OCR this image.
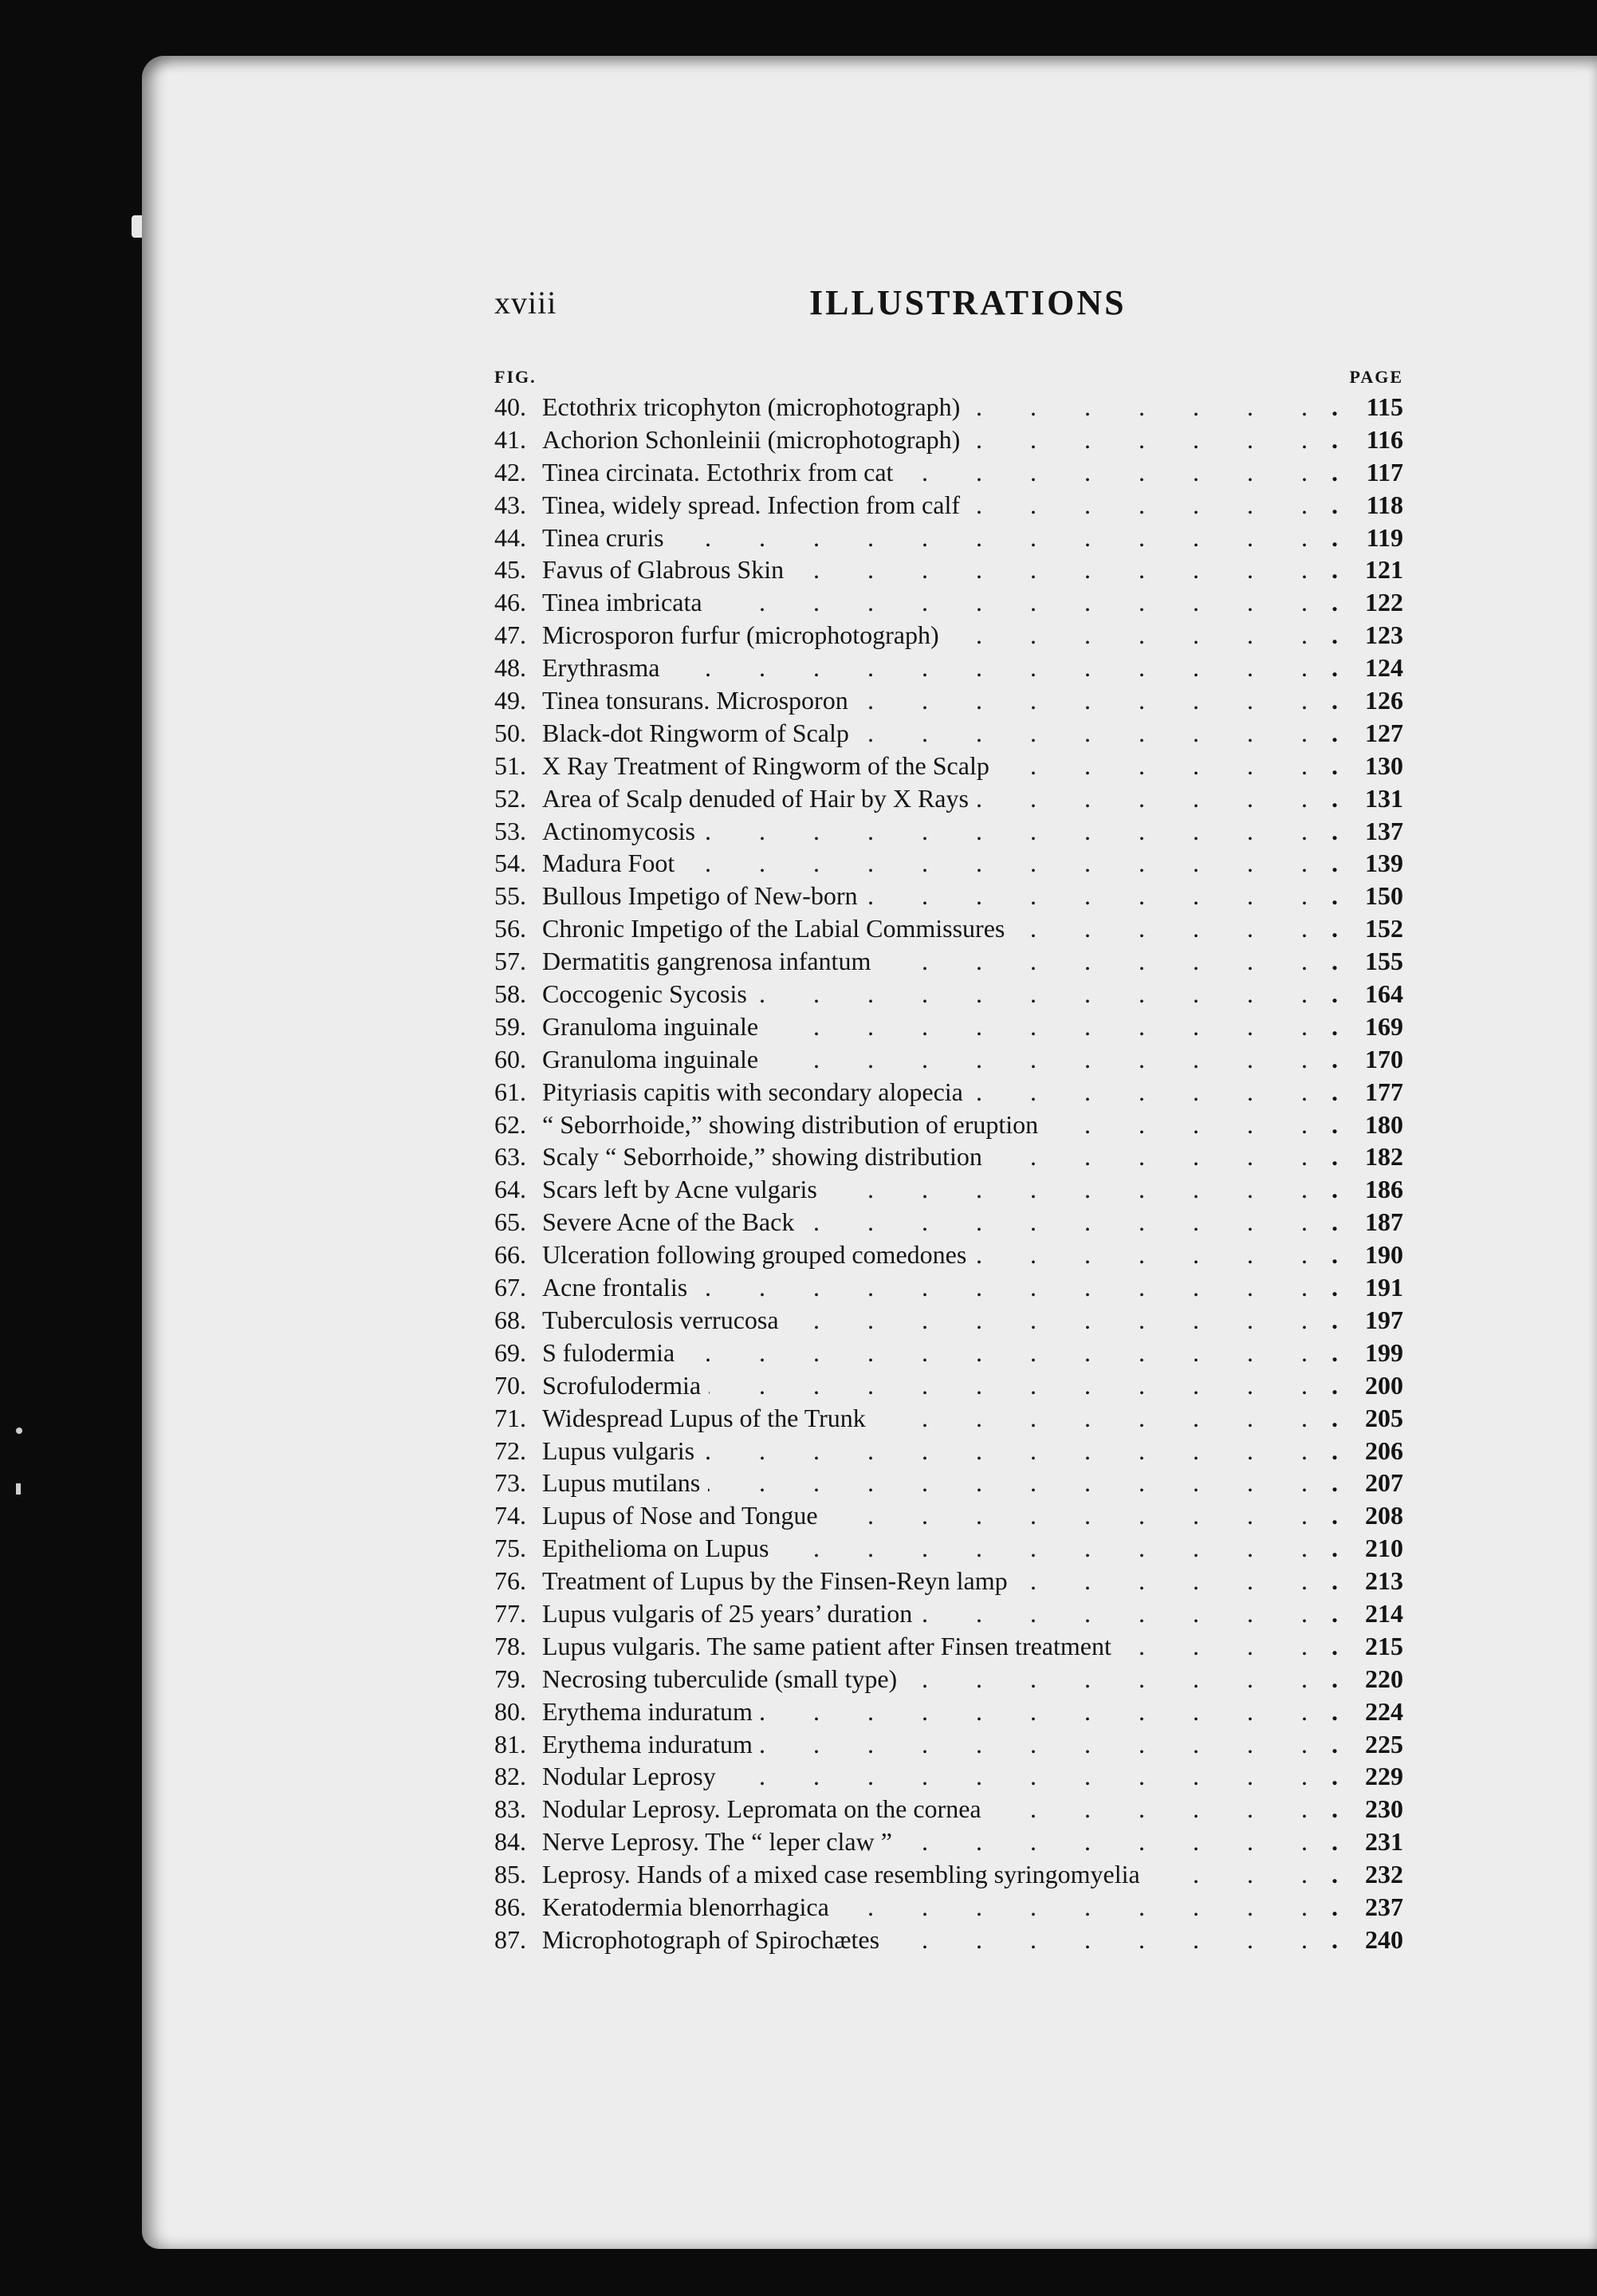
xviii	ILLUSTRATIONS
FIG.	PAGE
40. Ectothrix tricophyton (microphotograph) . . .	. 115
41. Achorion Schonleinii (microphotograph) . . .	. 116
42. Tinea circinata. Ectothrix from cat . . .	. 117
43. Tinea, widely spread. Infection from calf . . .	. 118
44. Tinea cruris . . .	. 119
45. Favus of Glabrous Skin . . .	. 121
46. Tinea imbricata . . .	. 122
47. Microsporon furfur (microphotograph) . . .	. 123
48. Erythrasma . . .	. 124
49. Tinea tonsurans. Microsporon . . .	. 126
50. Black-dot Ringworm of Scalp . . .	. 127
51. X Ray Treatment of Ringworm of the Scalp . . .	. 130
52. Area of Scalp denuded of Hair by X Rays . . .	. 131
53. Actinomycosis . . .	. 137
54. Madura Foot . . .	. 139
55. Bullous Impetigo of New-born . . .	. 150
56. Chronic Impetigo of the Labial Commissures . . .	. 152
57. Dermatitis gangrenosa infantum . . .	. 155
58. Coccogenic Sycosis . . .	. 164
59. Granuloma inguinale . . .	. 169
60. Granuloma inguinale . . .	. 170
61. Pityriasis capitis with secondary alopecia . . .	. 177
62. “ Seborrhoide,” showing distribution of eruption . . .	. 180
63. Scaly “ Seborrhoide,” showing distribution . . .	. 182
64. Scars left by Acne vulgaris . . .	. 186
65. Severe Acne of the Back . . .	. 187
66. Ulceration following grouped comedones . . .	. 190
67. Acne frontalis . . .	. 191
68. Tuberculosis verrucosa . . .	. 197
69. S fulodermia . . .	. 199
70. Scrofulodermia . . .	. 200
71. Widespread Lupus of the Trunk . . .	. 205
72. Lupus vulgaris . . .	. 206
73. Lupus mutilans . . .	. 207
74. Lupus of Nose and Tongue . . .	. 208
75. Epithelioma on Lupus . . .	. 210
76. Treatment of Lupus by the Finsen-Reyn lamp . . .	. 213
77. Lupus vulgaris of 25 years’ duration . . .	. 214
78. Lupus vulgaris. The same patient after Finsen treatment . . .	. 215
79. Necrosing tuberculide (small type) . . .	. 220
80. Erythema induratum . . .	. 224
81. Erythema induratum . . .	. 225
82. Nodular Leprosy . . .	. 229
83. Nodular Leprosy. Lepromata on the cornea . . .	. 230
84. Nerve Leprosy. The “ leper claw ” . . .	. 231
85. Leprosy. Hands of a mixed case resembling syringomyelia . . .	. 232
86. Keratodermia blenorrhagica . . .	. 237
87. Microphotograph of Spirochætes . . .	. 240
